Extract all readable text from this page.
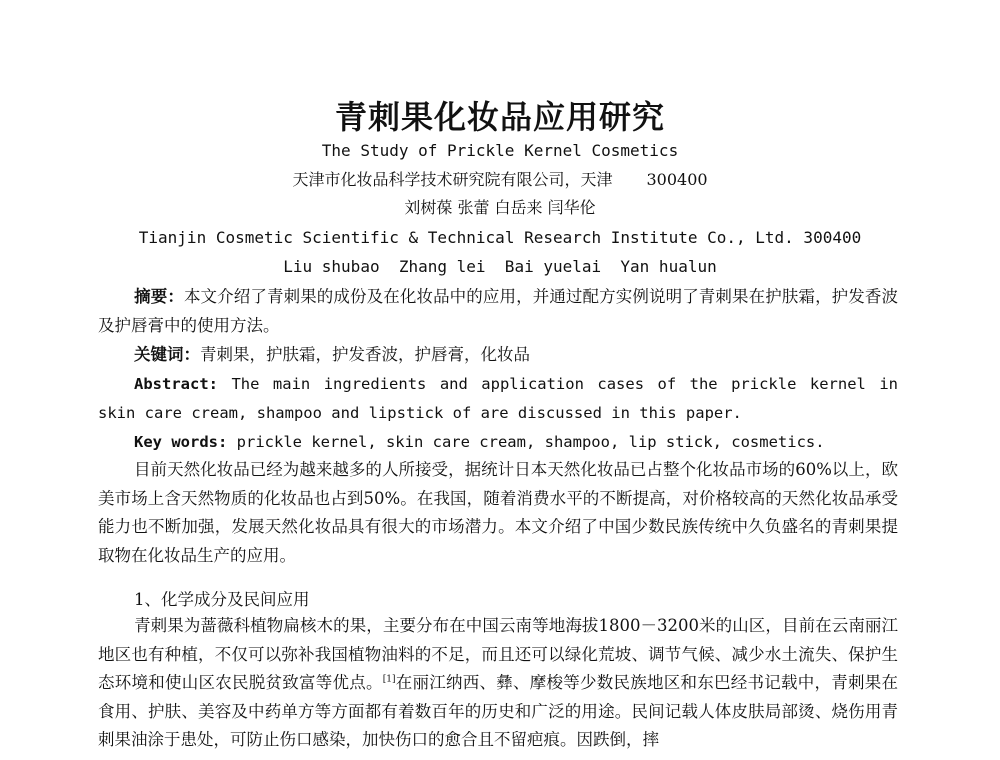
青刺果化妆品应用研究
The Study of Prickle Kernel Cosmetics
天津市化妆品科学技术研究院有限公司，天津 300400
刘树葆 张蕾 白岳来 闫华伦
Tianjin Cosmetic Scientific & Technical Research Institute Co., Ltd. 300400
Liu shubao  Zhang lei  Bai yuelai  Yan hualun
摘要：本文介绍了青刺果的成份及在化妆品中的应用，并通过配方实例说明了青刺果在护肤霜，护发香波及护唇膏中的使用方法。
关键词：青刺果，护肤霜，护发香波，护唇膏，化妆品
Abstract: The main ingredients and application cases of the prickle kernel in skin care cream, shampoo and lipstick of are discussed in this paper.
Key words: prickle kernel, skin care cream, shampoo, lip stick, cosmetics.
目前天然化妆品已经为越来越多的人所接受，据统计日本天然化妆品已占整个化妆品市场的60%以上，欧美市场上含天然物质的化妆品也占到50%。在我国，随着消费水平的不断提高，对价格较高的天然化妆品承受能力也不断加强，发展天然化妆品具有很大的市场潜力。本文介绍了中国少数民族传统中久负盛名的青刺果提取物在化妆品生产的应用。
1、化学成分及民间应用
青刺果为蔷薇科植物扁核木的果，主要分布在中国云南等地海拔1800－3200米的山区，目前在云南丽江地区也有种植，不仅可以弥补我国植物油料的不足，而且还可以绿化荒坡、调节气候、减少水土流失、保护生态环境和使山区农民脱贫致富等优点。[1]在丽江纳西、彝、摩梭等少数民族地区和东巴经书记载中，青刺果在食用、护肤、美容及中药单方等方面都有着数百年的历史和广泛的用途。民间记载人体皮肤局部烫、烧伤用青刺果油涂于患处，可防止伤口感染，加快伤口的愈合且不留疤痕。因跌倒，摔
